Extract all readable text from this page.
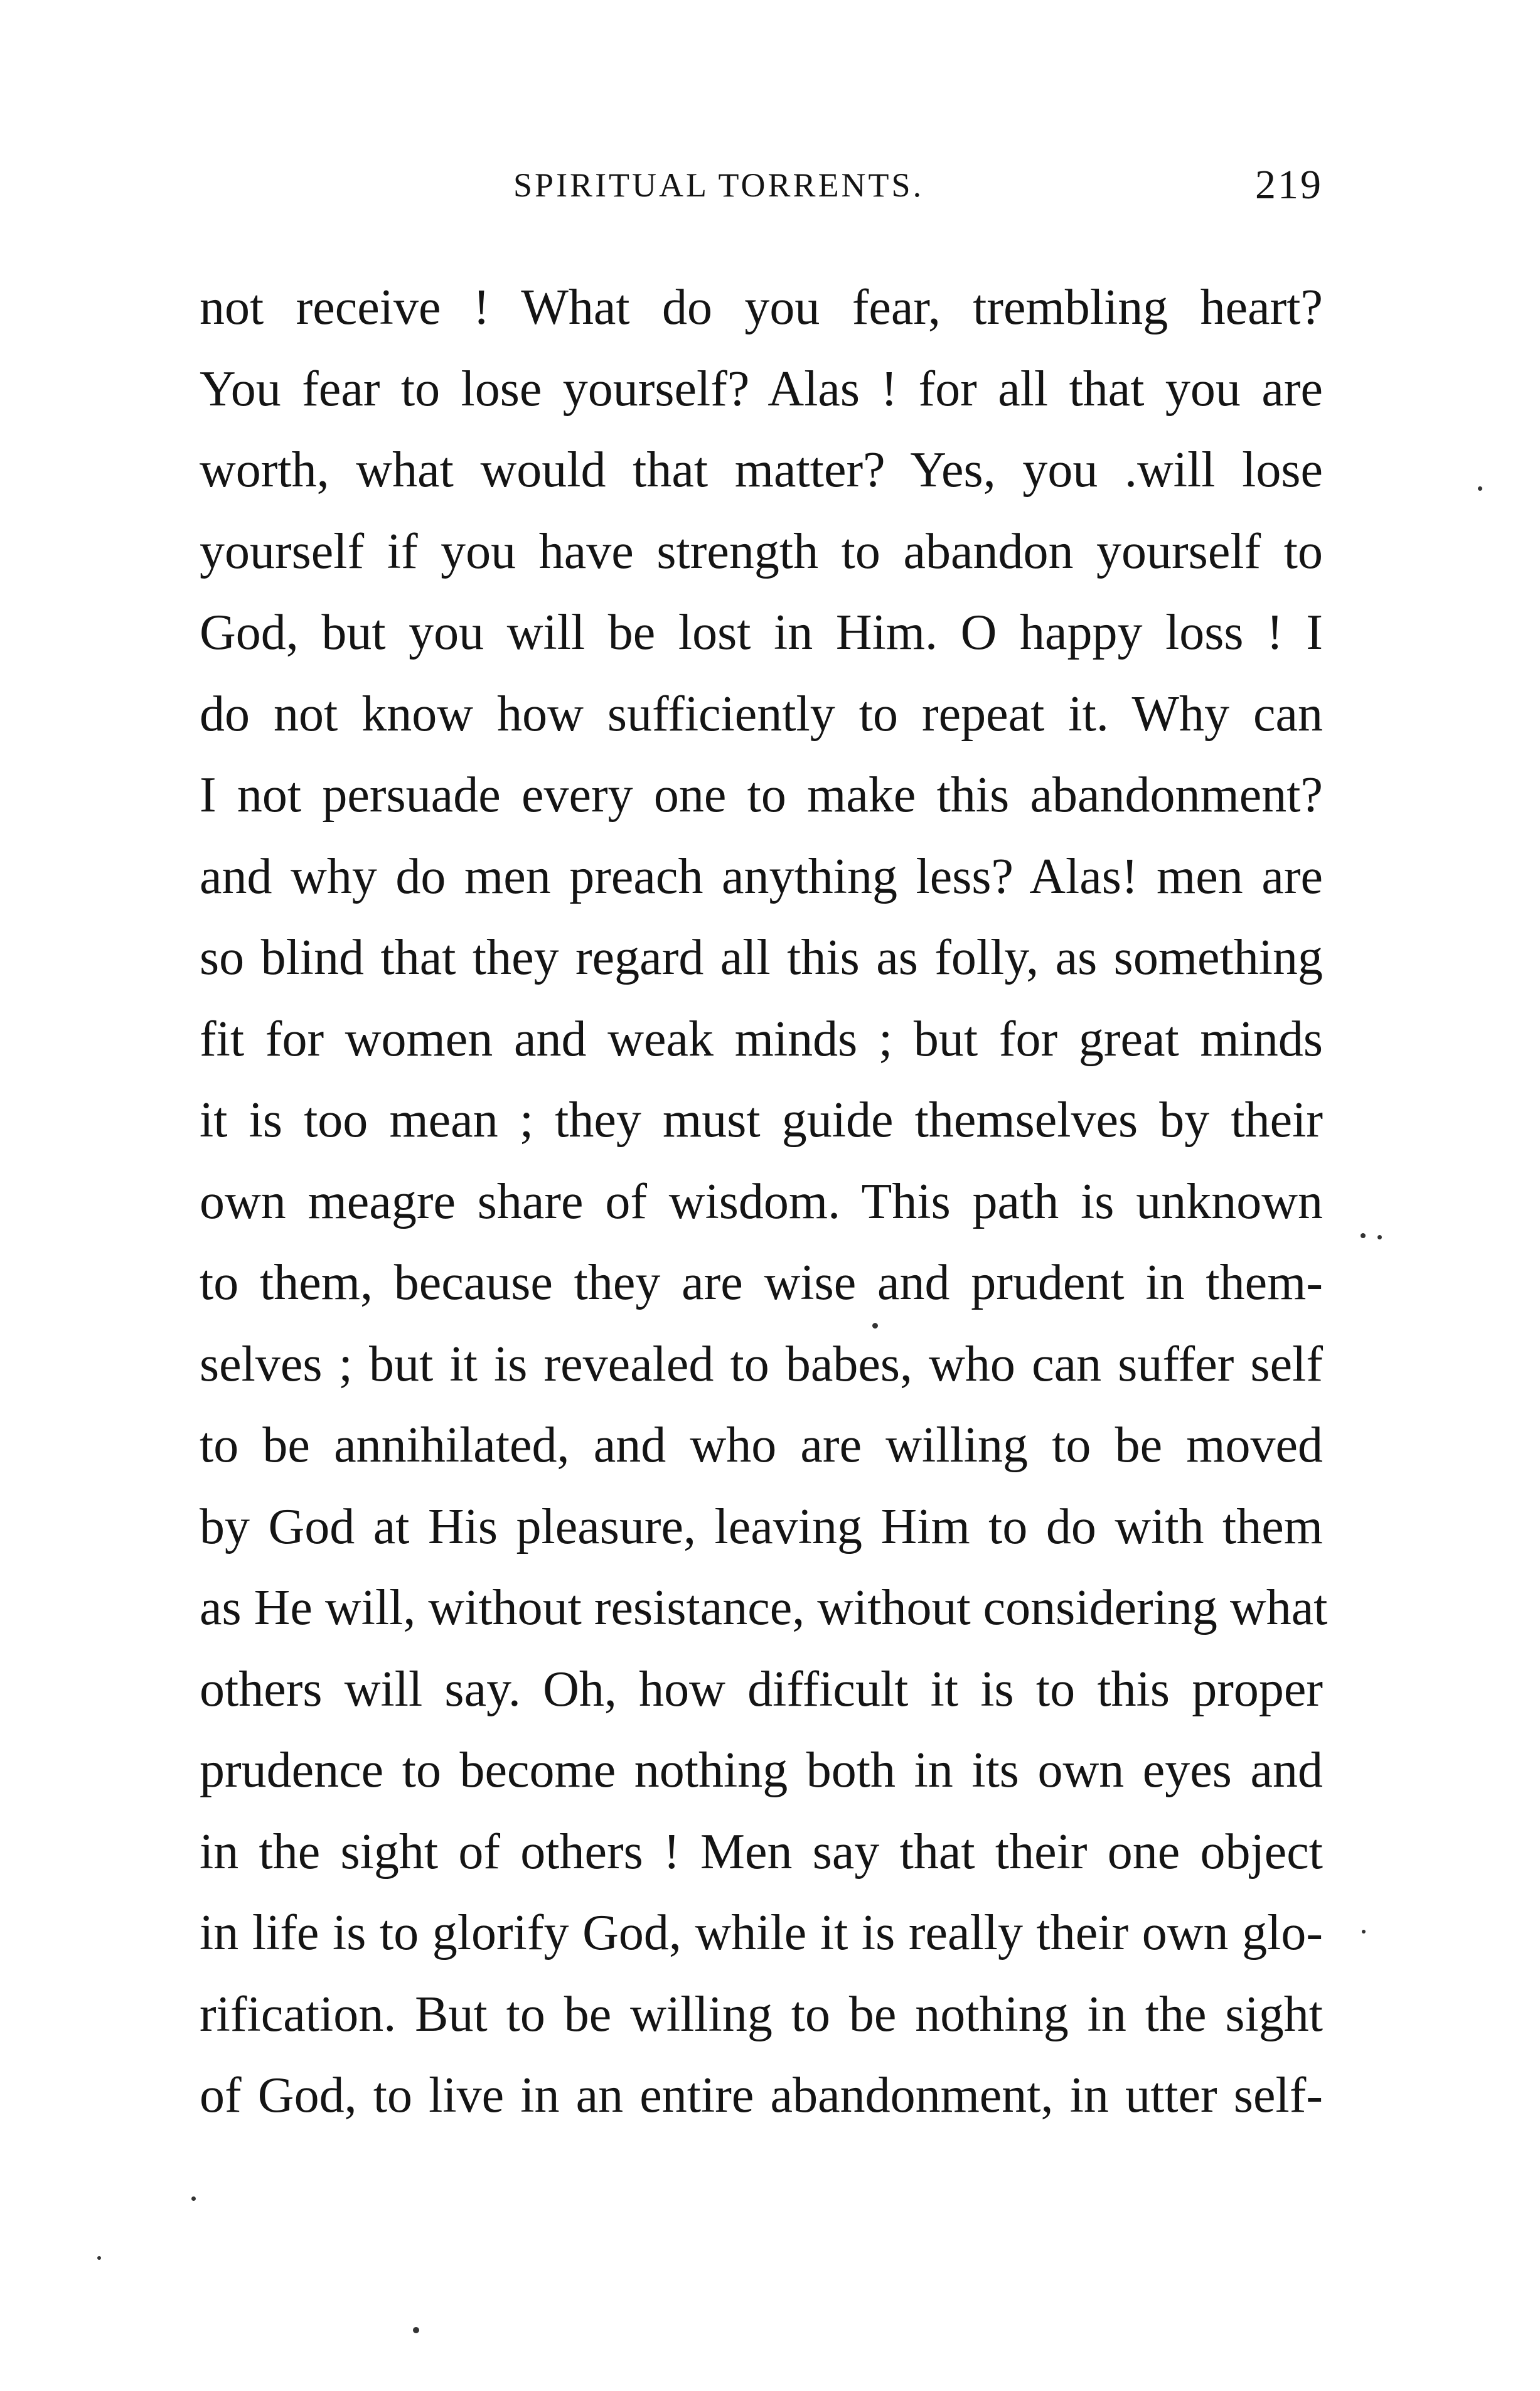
SPIRITUAL TORRENTS.	219
not receive ! What do you fear, trembling heart?
You fear to lose yourself? Alas ! for all that you are
worth, what would that matter? Yes, you .will lose
yourself if you have strength to abandon yourself to
God, but you will be lost in Him. O happy loss ! I
do not know how sufficiently to repeat it. Why can
I not persuade every one to make this abandonment?
and why do men preach anything less? Alas! men are
so blind that they regard all this as folly, as something
fit for women and weak minds ; but for great minds
it is too mean ; they must guide themselves by their
own meagre share of wisdom. This path is unknown
to them, because they are wise and prudent in them-
selves ; but it is revealed to babes, who can suffer self
to be annihilated, and who are willing to be moved
by God at His pleasure, leaving Him to do with them
as He will, without resistance, without considering what
others will say. Oh, how difficult it is to this proper
prudence to become nothing both in its own eyes and
in the sight of others ! Men say that their one object
in life is to glorify God, while it is really their own glo-
rification. But to be willing to be nothing in the sight
of God, to live in an entire abandonment, in utter self-
